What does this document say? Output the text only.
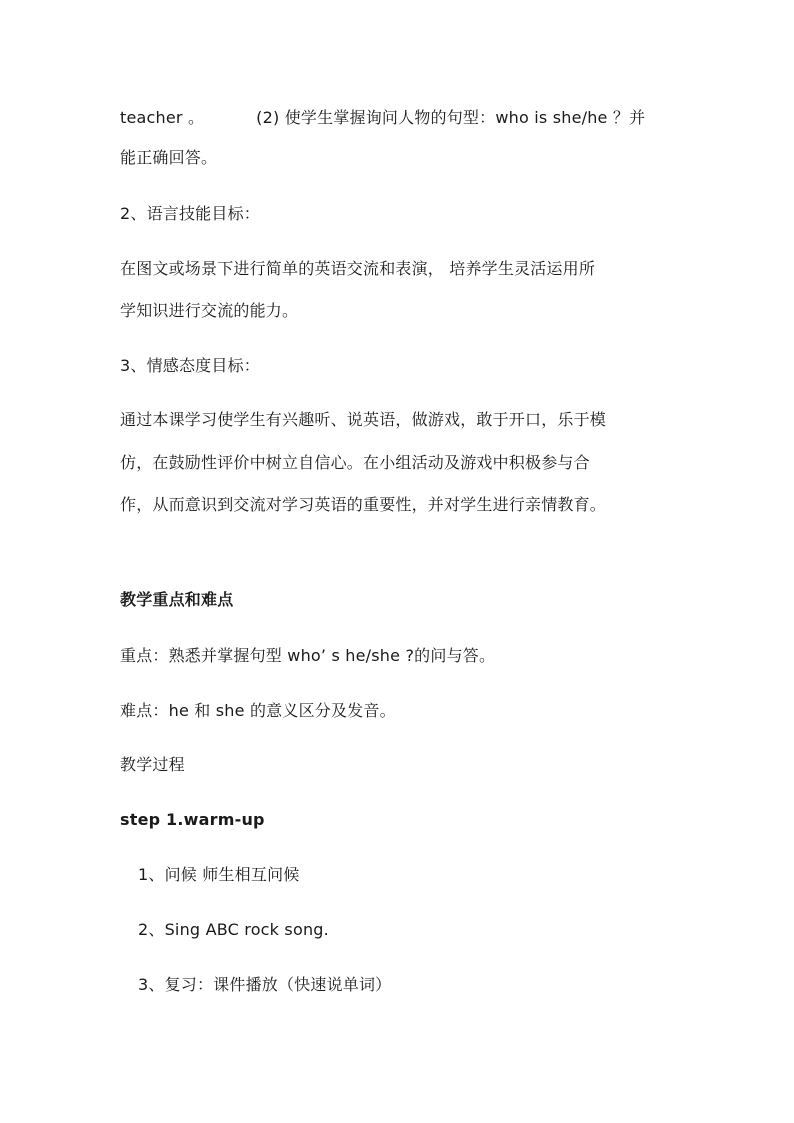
teacher 。	(2) 使学生掌握询问人物的句型：who is she/he ？并
能正确回答。
2、语言技能目标：
在图文或场景下进行简单的英语交流和表演， 培养学生灵活运用所
学知识进行交流的能力。
3、情感态度目标：
通过本课学习使学生有兴趣听、说英语，做游戏，敢于开口，乐于模
仿，在鼓励性评价中树立自信心。在小组活动及游戏中积极参与合
作，从而意识到交流对学习英语的重要性，并对学生进行亲情教育。
教学重点和难点
重点：熟悉并掌握句型 who’ s he/she ?的问与答。
难点：he 和 she 的意义区分及发音。
教学过程
step 1.warm-up
1、问候 师生相互问候
2、Sing ABC rock song.
3、复习：课件播放（快速说单词）
